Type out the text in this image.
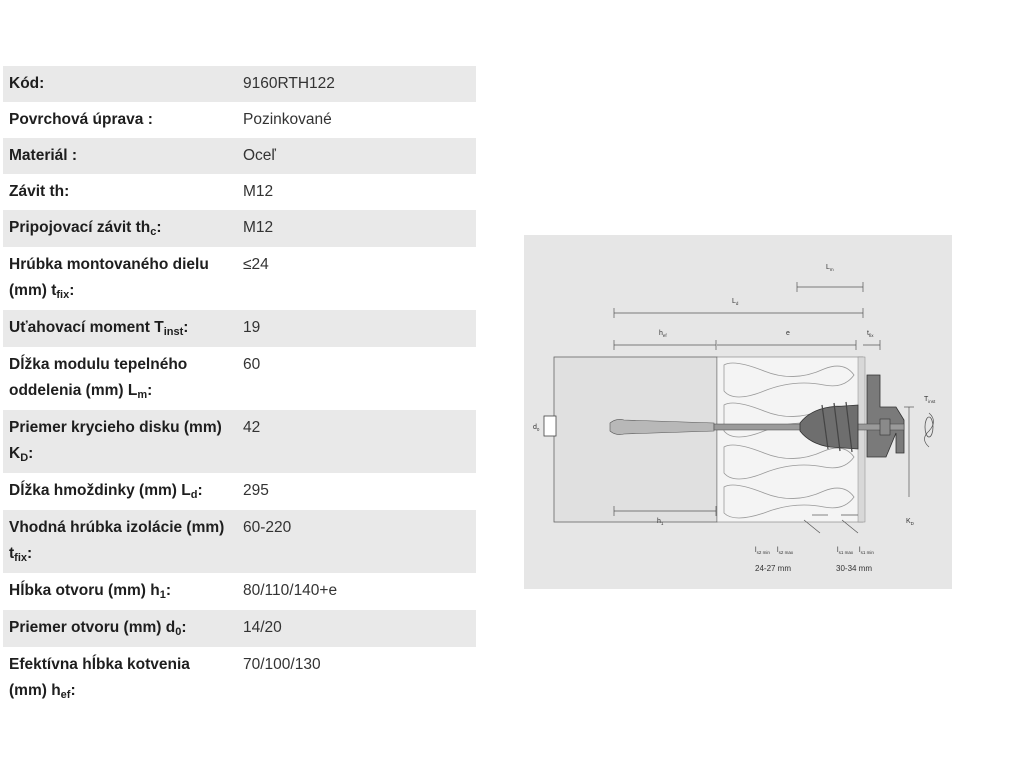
Kód:	9160RTH122
Povrchová úprava :	Pozinkované
Materiál :	Oceľ
Závit th:	M12
Pripojovací závit $th_c$:	M12
Hrúbka montovaného dielu (mm) $t_{fix}$:	≤24
Uťahovací moment $T_{inst}$:	19
Dĺžka modulu tepelného oddelenia (mm) $L_m$:	60
Priemer krycieho disku (mm) $K_D$:	42
Dĺžka hmoždinky (mm) $L_d$:	295
Vhodná hrúbka izolácie (mm) $t_{fix}$:	60-220
Hĺbka otvoru (mm) $h_1$:	80/110/140+e
Priemer otvoru (mm) $d_0$:	14/20
Efektívna hĺbka kotvenia (mm) $h_{ef}$:	70/100/130
$L_m$
$L_d$
$h_{ef}$	e	$t_{fix}$
$d_0$
$T_{inst}$
$h_1$	$K_D$
$l_{s2 min}$ $l_{s2 max}$	$l_{s1 max}$ $l_{s1 min}$
24-27 mm	30-34 mm
